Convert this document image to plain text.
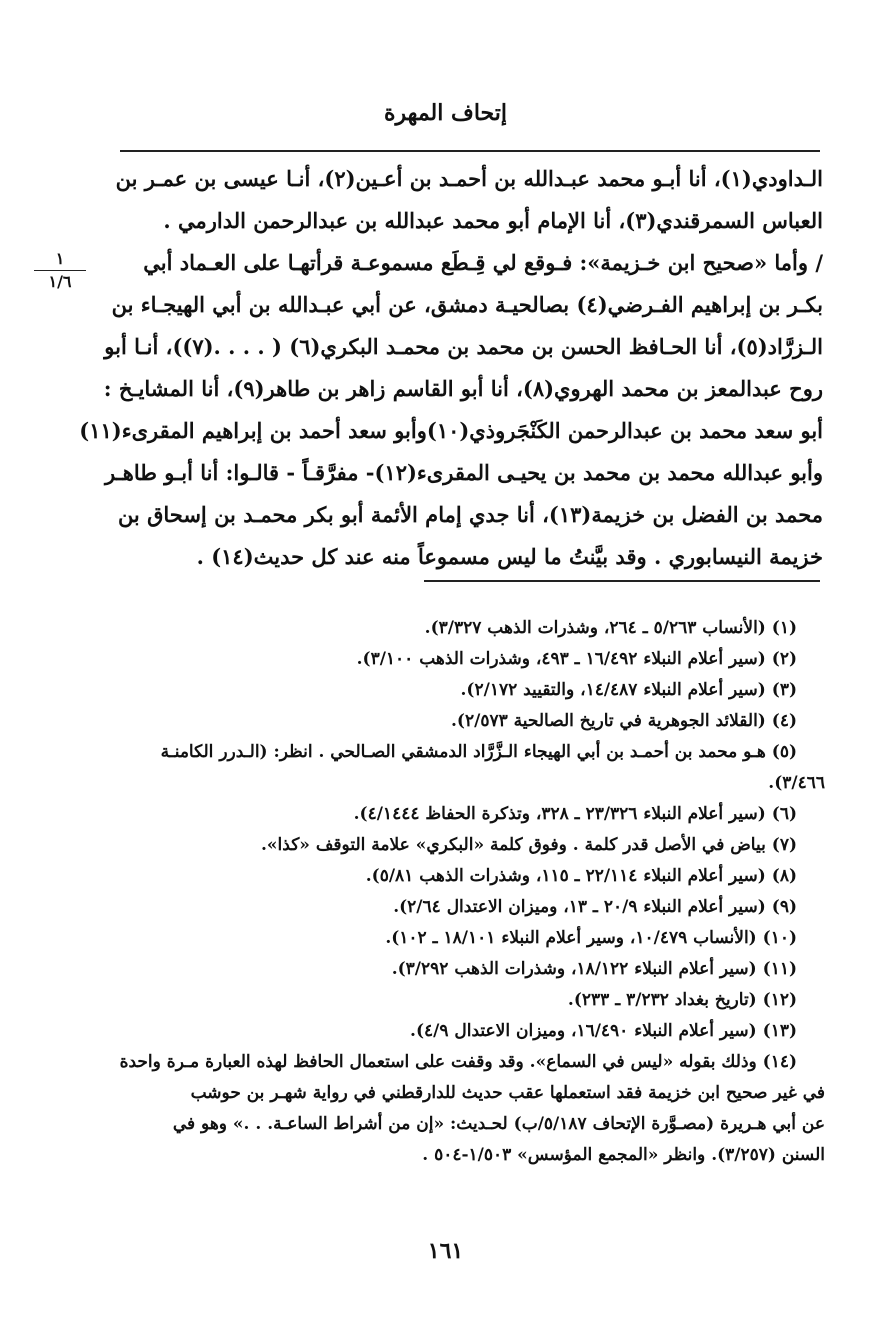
إتحاف المهرة
١
١/٦
الـداودي(١)، أنا أبـو محمد عبـدالله بن أحمـد بن أعـين(٢)، أنـا عيسى بن عمـر بن
العباس السمرقندي(٣)، أنا الإمام أبو محمد عبدالله بن عبدالرحمن الدارمي .
/ وأما «صحيح ابن خـزيمة»: فـوقع لي قِـطَع مسموعـة قرأتهـا على العـماد أبي
بكـر بن إبراهيم الفـرضي(٤) بصالحيـة دمشق، عن أبي عبـدالله بن أبي الهيجـاء بن
الـزرَّاد(٥)، أنا الحـافظ الحسن بن محمد بن محمـد البكري(٦) ( . . . .(٧))، أنـا أبو
روح عبدالمعز بن محمد الهروي(٨)، أنا أبو القاسم زاهر بن طاهر(٩)، أنا المشايـخ :
أبو سعد محمد بن عبدالرحمن الكَنْجَروذي(١٠)وأبو سعد أحمد بن إبراهيم المقرىء(١١)
وأبو عبدالله محمد بن محمد بن يحيـى المقرىء(١٢)- مفرَّقـاً - قالـوا: أنا أبـو طاهـر
محمد بن الفضل بن خزيمة(١٣)، أنا جدي إمام الأئمة أبو بكر محمـد بن إسحاق بن
خزيمة النيسابوري . وقد بيَّنتُ ما ليس مسموعاً منه عند كل حديث(١٤) .
(١) (الأنساب ٥/٢٦٣ ـ ٢٦٤، وشذرات الذهب ٣/٣٢٧).
(٢) (سير أعلام النبلاء ١٦/٤٩٢ ـ ٤٩٣، وشذرات الذهب ٣/١٠٠).
(٣) (سير أعلام النبلاء ١٤/٤٨٧، والتقييد ٢/١٧٢).
(٤) (القلائد الجوهرية في تاريخ الصالحية ٢/٥٧٣).
(٥) هـو محمد بن أحمـد بن أبي الهيجاء الـزَّرَّاد الدمشقي الصـالحي . انظر: (الـدرر الكامنـة
٣/٤٦٦).
(٦) (سير أعلام النبلاء ٢٣/٣٢٦ ـ ٣٢٨، وتذكرة الحفاظ ٤/١٤٤٤).
(٧) بياض في الأصل قدر كلمة . وفوق كلمة «البكري» علامة التوقف «كذا».
(٨) (سير أعلام النبلاء ٢٢/١١٤ ـ ١١٥، وشذرات الذهب ٥/٨١).
(٩) (سير أعلام النبلاء ٢٠/٩ ـ ١٣، وميزان الاعتدال ٢/٦٤).
(١٠) (الأنساب ١٠/٤٧٩، وسير أعلام النبلاء ١٨/١٠١ ـ ١٠٢).
(١١) (سير أعلام النبلاء ١٨/١٢٢، وشذرات الذهب ٣/٢٩٢).
(١٢) (تاريخ بغداد ٣/٢٣٢ ـ ٢٣٣).
(١٣) (سير أعلام النبلاء ١٦/٤٩٠، وميزان الاعتدال ٤/٩).
(١٤) وذلك بقوله «ليس في السماع». وقد وقفت على استعمال الحافظ لهذه العبارة مـرة واحدة
في غير صحيح ابن خزيمة فقد استعملها عقب حديث للدارقطني في رواية شهـر بن حوشب
عن أبي هـريرة (مصـوَّرة الإتحاف ٥/١٨٧/ب) لحـديث: «إن من أشراط الساعـة. . .» وهو في
السنن (٣/٢٥٧). وانظر «المجمع المؤسس» ١/٥٠٣-٥٠٤ .
١٦١
